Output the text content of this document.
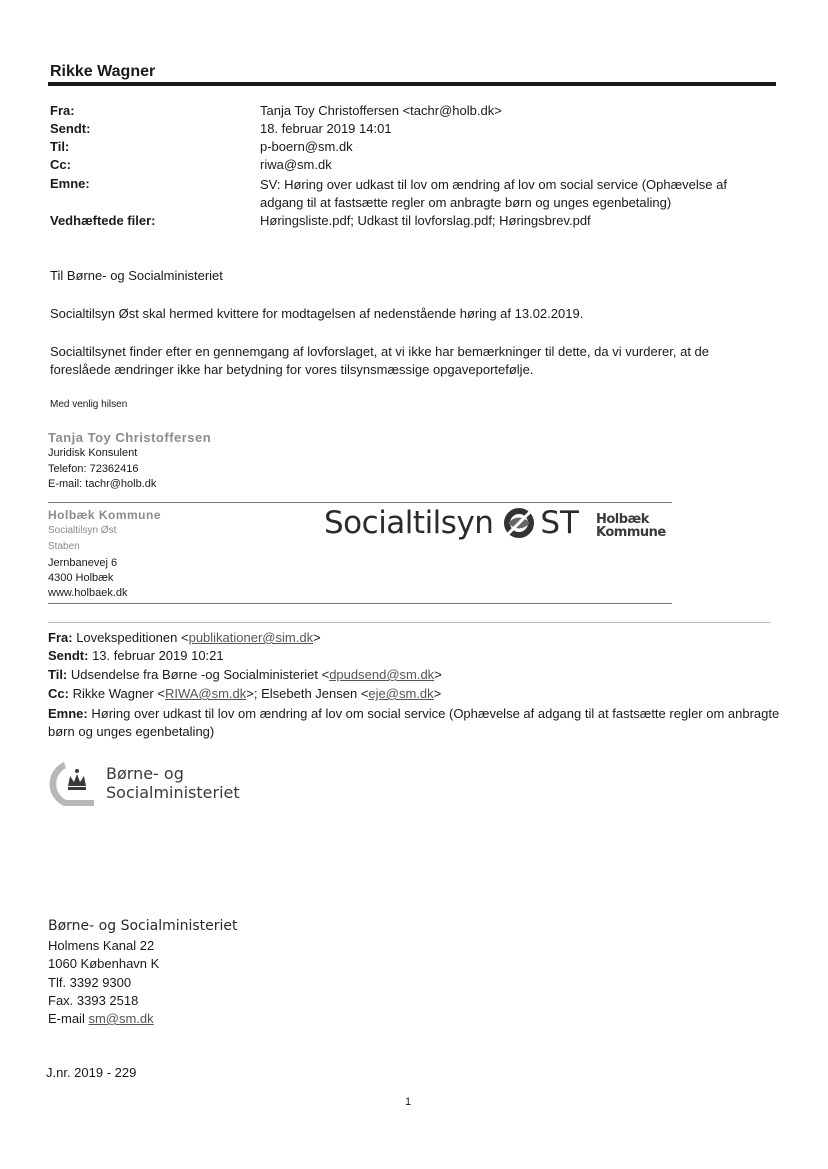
Rikke Wagner
Fra:	Tanja Toy Christoffersen <tachr@holb.dk>
Sendt:	18. februar 2019 14:01
Til:	p-boern@sm.dk
Cc:	riwa@sm.dk
Emne:	SV: Høring over udkast til lov om ændring af lov om social service (Ophævelse af adgang til at fastsætte regler om anbragte børn og unges egenbetaling)
Vedhæftede filer:	Høringsliste.pdf; Udkast til lovforslag.pdf; Høringsbrev.pdf
Til Børne- og Socialministeriet
Socialtilsyn Øst skal hermed kvittere for modtagelsen af nedenstående høring af 13.02.2019.
Socialtilsynet finder efter en gennemgang af lovforslaget, at vi ikke har bemærkninger til dette, da vi vurderer, at de foreslåede ændringer ikke har betydning for vores tilsynsmæssige opgaveportefølje.
Med venlig hilsen
Tanja Toy Christoffersen
Juridisk Konsulent
Telefon: 72362416
E-mail: tachr@holb.dk
Holbæk Kommune
Socialtilsyn Øst
Staben
Jernbanevej 6
4300 Holbæk
www.holbaek.dk
Socialtilsyn ST Holbæk
Kommune
Fra: Lovekspeditionen <publikationer@sim.dk>
Sendt: 13. februar 2019 10:21
Til: Udsendelse fra Børne -og Socialministeriet <dpudsend@sm.dk>
Cc: Rikke Wagner <RIWA@sm.dk>; Elsebeth Jensen <eje@sm.dk>
Emne: Høring over udkast til lov om ændring af lov om social service (Ophævelse af adgang til at fastsætte regler om anbragte børn og unges egenbetaling)
Børne- og
Socialministeriet
Børne- og Socialministeriet
Holmens Kanal 22
1060 København K
Tlf. 3392 9300
Fax. 3393 2518
E-mail sm@sm.dk
J.nr. 2019 - 229
1
